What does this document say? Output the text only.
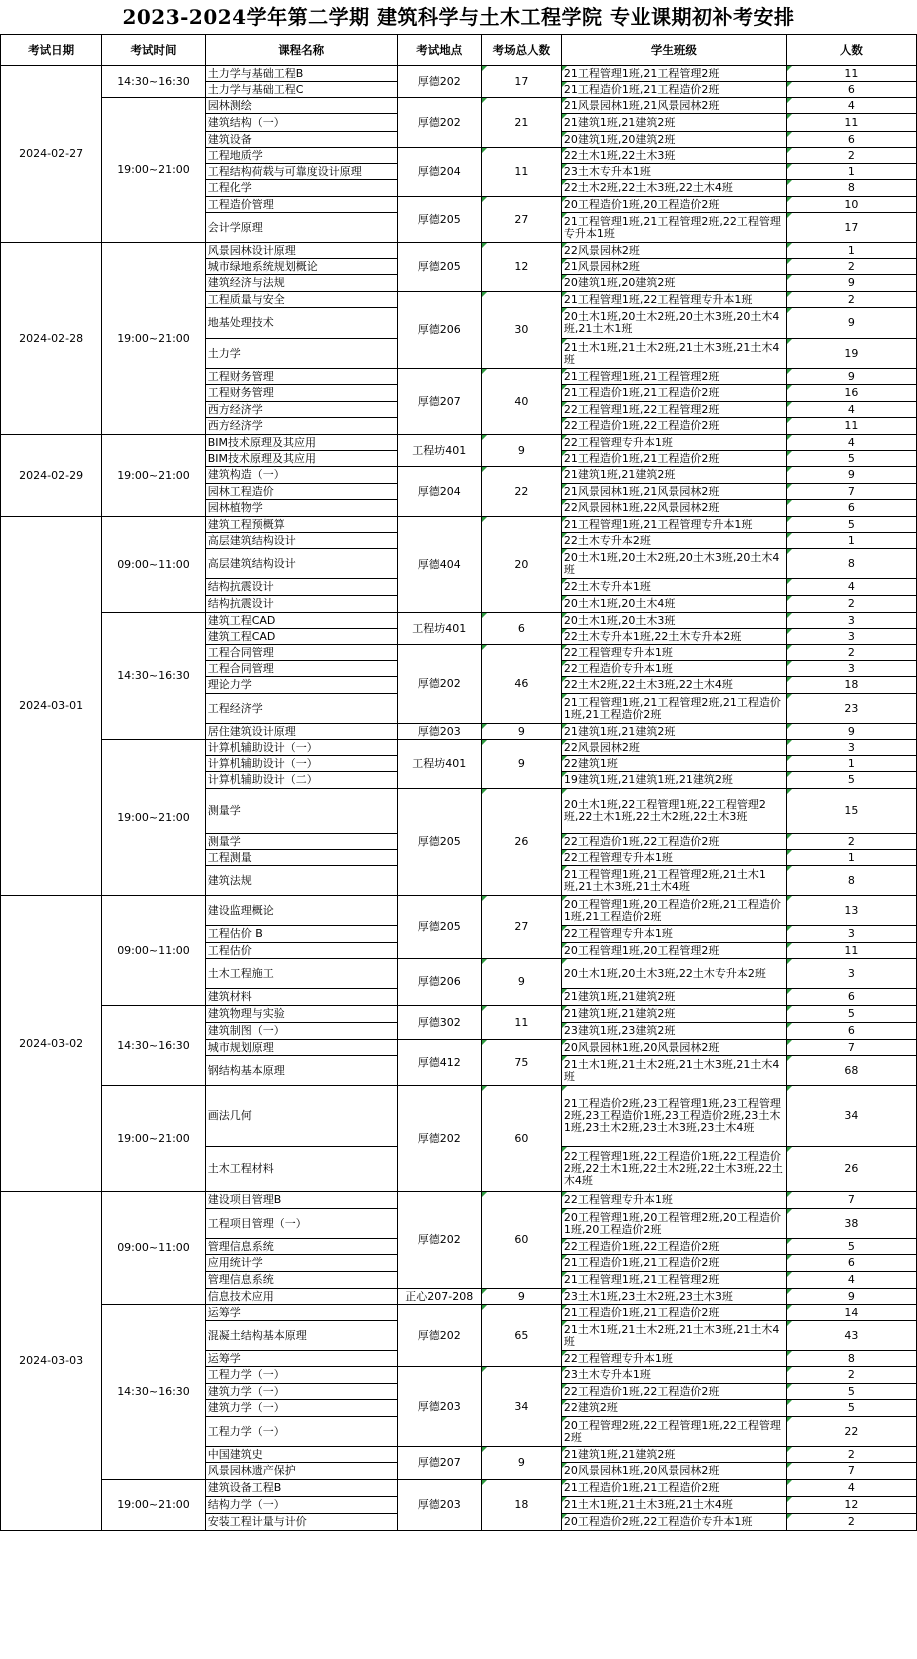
2023-2024学年第二学期 建筑科学与土木工程学院 专业课期初补考安排
考试日期	考试时间	课程名称	考试地点	考场总人数	学生班级	人数
2024-02-27	14:30~16:30	土力学与基础工程B	厚德202	17	21工程管理1班,21工程管理2班	11
		土力学与基础工程C			21工程造价1班,21工程造价2班	6
	19:00~21:00	园林测绘	厚德202	21	21风景园林1班,21风景园林2班	4
		建筑结构（一）			21建筑1班,21建筑2班	11
		建筑设备			20建筑1班,20建筑2班	6
		工程地质学	厚德204	11	22土木1班,22土木3班	2
		工程结构荷载与可靠度设计原理			23土木专升本1班	1
		工程化学			22土木2班,22土木3班,22土木4班	8
		工程造价管理	厚德205	27	20工程造价1班,20工程造价2班	10
		会计学原理			21工程管理1班,21工程管理2班,22工程管理专升本1班	17
2024-02-28	19:00~21:00	风景园林设计原理	厚德205	12	22风景园林2班	1
		城市绿地系统规划概论			21风景园林2班	2
		建筑经济与法规			20建筑1班,20建筑2班	9
		工程质量与安全	厚德206	30	21工程管理1班,22工程管理专升本1班	2
		地基处理技术			20土木1班,20土木2班,20土木3班,20土木4班,21土木1班	9
		土力学			21土木1班,21土木2班,21土木3班,21土木4班	19
		工程财务管理	厚德207	40	21工程管理1班,21工程管理2班	9
		工程财务管理			21工程造价1班,21工程造价2班	16
		西方经济学			22工程管理1班,22工程管理2班	4
		西方经济学			22工程造价1班,22工程造价2班	11
2024-02-29	19:00~21:00	BIM技术原理及其应用	工程坊401	9	22工程管理专升本1班	4
		BIM技术原理及其应用			21工程造价1班,21工程造价2班	5
		建筑构造（一）	厚德204	22	21建筑1班,21建筑2班	9
		园林工程造价			21风景园林1班,21风景园林2班	7
		园林植物学			22风景园林1班,22风景园林2班	6
2024-03-01	09:00~11:00	建筑工程预概算	厚德404	20	21工程管理1班,21工程管理专升本1班	5
		高层建筑结构设计			22土木专升本2班	1
		高层建筑结构设计			20土木1班,20土木2班,20土木3班,20土木4班	8
		结构抗震设计			22土木专升本1班	4
		结构抗震设计			20土木1班,20土木4班	2
	14:30~16:30	建筑工程CAD	工程坊401	6	20土木1班,20土木3班	3
		建筑工程CAD			22土木专升本1班,22土木专升本2班	3
		工程合同管理	厚德202	46	22工程管理专升本1班	2
		工程合同管理			22工程造价专升本1班	3
		理论力学			22土木2班,22土木3班,22土木4班	18
		工程经济学			21工程管理1班,21工程管理2班,21工程造价1班,21工程造价2班	23
		居住建筑设计原理	厚德203	9	21建筑1班,21建筑2班	9
	19:00~21:00	计算机辅助设计（一）	工程坊401	9	22风景园林2班	3
		计算机辅助设计（一）			22建筑1班	1
		计算机辅助设计（二）			19建筑1班,21建筑1班,21建筑2班	5
		测量学	厚德205	26	20土木1班,22工程管理1班,22工程管理2班,22土木1班,22土木2班,22土木3班	15
		测量学			22工程造价1班,22工程造价2班	2
		工程测量			22工程管理专升本1班	1
		建筑法规			21工程管理1班,21工程管理2班,21土木1班,21土木3班,21土木4班	8
2024-03-02	09:00~11:00	建设监理概论	厚德205	27	20工程管理1班,20工程造价2班,21工程造价1班,21工程造价2班	13
		工程估价 B			22工程管理专升本1班	3
		工程估价			20工程管理1班,20工程管理2班	11
		土木工程施工	厚德206	9	20土木1班,20土木3班,22土木专升本2班	3
		建筑材料			21建筑1班,21建筑2班	6
	14:30~16:30	建筑物理与实验	厚德302	11	21建筑1班,21建筑2班	5
		建筑制图（一）			23建筑1班,23建筑2班	6
		城市规划原理	厚德412	75	20风景园林1班,20风景园林2班	7
		钢结构基本原理			21土木1班,21土木2班,21土木3班,21土木4班	68
	19:00~21:00	画法几何	厚德202	60	21工程造价2班,23工程管理1班,23工程管理2班,23工程造价1班,23工程造价2班,23土木1班,23土木2班,23土木3班,23土木4班	34
		土木工程材料			22工程管理1班,22工程造价1班,22工程造价2班,22土木1班,22土木2班,22土木3班,22土木4班	26
2024-03-03	09:00~11:00	建设项目管理B	厚德202	60	22工程管理专升本1班	7
		工程项目管理（一）			20工程管理1班,20工程管理2班,20工程造价1班,20工程造价2班	38
		管理信息系统			22工程造价1班,22工程造价2班	5
		应用统计学			21工程造价1班,21工程造价2班	6
		管理信息系统			21工程管理1班,21工程管理2班	4
		信息技术应用	正心207-208	9	23土木1班,23土木2班,23土木3班	9
	14:30~16:30	运筹学	厚德202	65	21工程造价1班,21工程造价2班	14
		混凝土结构基本原理			21土木1班,21土木2班,21土木3班,21土木4班	43
		运筹学			22工程管理专升本1班	8
		工程力学（一）	厚德203	34	23土木专升本1班	2
		建筑力学（一）			22工程造价1班,22工程造价2班	5
		建筑力学（一）			22建筑2班	5
		工程力学（一）			20工程管理2班,22工程管理1班,22工程管理2班	22
		中国建筑史	厚德207	9	21建筑1班,21建筑2班	2
		风景园林遗产保护			20风景园林1班,20风景园林2班	7
	19:00~21:00	建筑设备工程B	厚德203	18	21工程造价1班,21工程造价2班	4
		结构力学（一）			21土木1班,21土木3班,21土木4班	12
		安装工程计量与计价			20工程造价2班,22工程造价专升本1班	2
